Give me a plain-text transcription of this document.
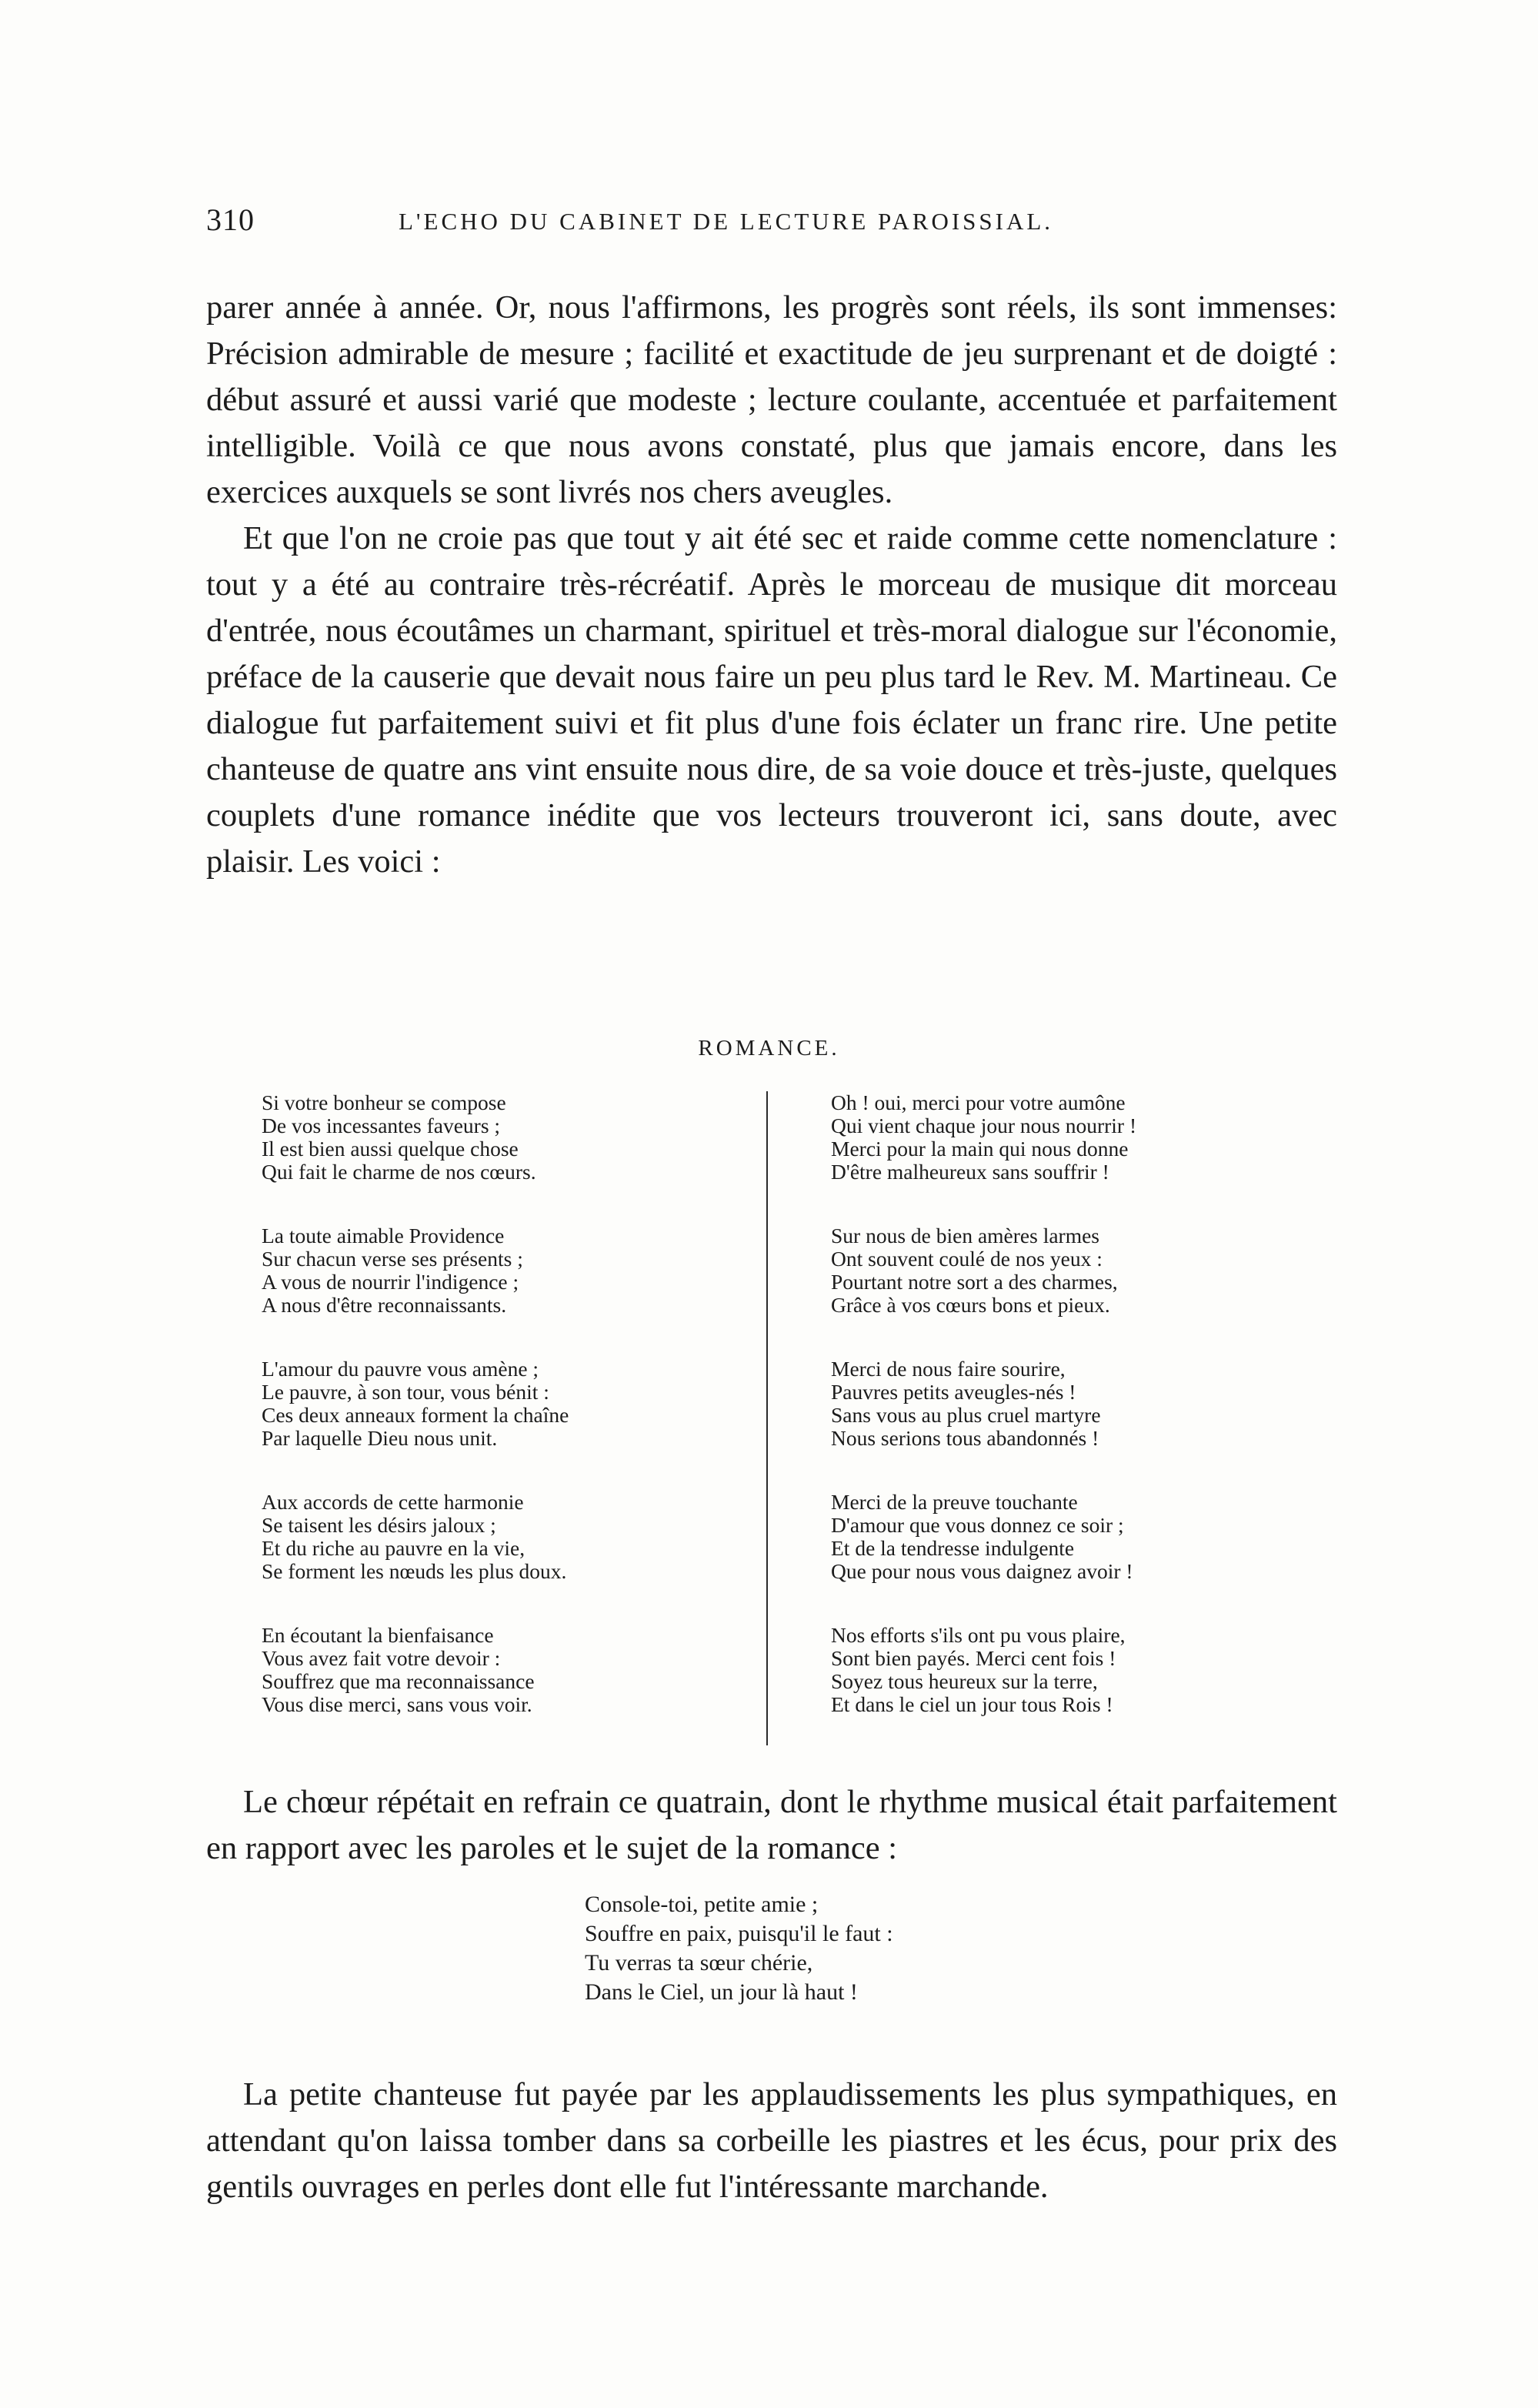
310	L'ECHO DU CABINET DE LECTURE PAROISSIAL.

parer année à année. Or, nous l'affirmons, les progrès sont réels, ils sont immenses: Précision admirable de mesure ; facilité et exactitude de jeu surprenant et de doigté : début assuré et aussi varié que modeste ; lecture coulante, accentuée et parfaitement intelligible. Voilà ce que nous avons constaté, plus que jamais encore, dans les exercices auxquels se sont livrés nos chers aveugles.

Et que l'on ne croie pas que tout y ait été sec et raide comme cette nomenclature : tout y a été au contraire très-récréatif. Après le morceau de musique dit morceau d'entrée, nous écoutâmes un charmant, spirituel et très-moral dialogue sur l'économie, préface de la causerie que devait nous faire un peu plus tard le Rev. M. Martineau. Ce dialogue fut parfaitement suivi et fit plus d'une fois éclater un franc rire. Une petite chanteuse de quatre ans vint ensuite nous dire, de sa voie douce et très-juste, quelques couplets d'une romance inédite que vos lecteurs trouveront ici, sans doute, avec plaisir. Les voici :

ROMANCE.
Si votre bonheur se compose
De vos incessantes faveurs ;
Il est bien aussi quelque chose
Qui fait le charme de nos cœurs.
La toute aimable Providence
Sur chacun verse ses présents ;
A vous de nourrir l'indigence ;
A nous d'être reconnaissants.
L'amour du pauvre vous amène ;
Le pauvre, à son tour, vous bénit :
Ces deux anneaux forment la chaîne
Par laquelle Dieu nous unit.
Aux accords de cette harmonie
Se taisent les désirs jaloux ;
Et du riche au pauvre en la vie,
Se forment les nœuds les plus doux.
En écoutant la bienfaisance
Vous avez fait votre devoir :
Souffrez que ma reconnaissance
Vous dise merci, sans vous voir.
Oh ! oui, merci pour votre aumône
Qui vient chaque jour nous nourrir !
Merci pour la main qui nous donne
D'être malheureux sans souffrir !
Sur nous de bien amères larmes
Ont souvent coulé de nos yeux :
Pourtant notre sort a des charmes,
Grâce à vos cœurs bons et pieux.
Merci de nous faire sourire,
Pauvres petits aveugles-nés !
Sans vous au plus cruel martyre
Nous serions tous abandonnés !
Merci de la preuve touchante
D'amour que vous donnez ce soir ;
Et de la tendresse indulgente
Que pour nous vous daignez avoir !
Nos efforts s'ils ont pu vous plaire,
Sont bien payés. Merci cent fois !
Soyez tous heureux sur la terre,
Et dans le ciel un jour tous Rois !

Le chœur répétait en refrain ce quatrain, dont le rhythme musical était parfaitement en rapport avec les paroles et le sujet de la romance :

Console-toi, petite amie ;
Souffre en paix, puisqu'il le faut :
Tu verras ta sœur chérie,
Dans le Ciel, un jour là haut !

La petite chanteuse fut payée par les applaudissements les plus sympathiques, en attendant qu'on laissa tomber dans sa corbeille les piastres et les écus, pour prix des gentils ouvrages en perles dont elle fut l'intéressante marchande.
